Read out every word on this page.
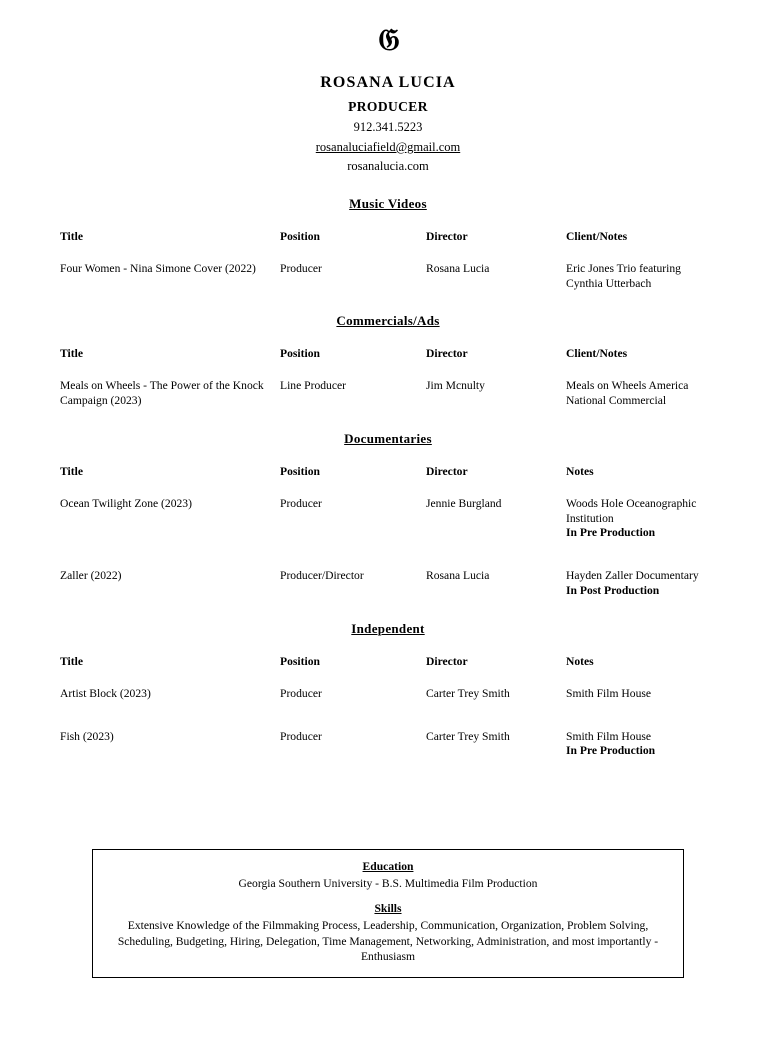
𝔊
ROSANA LUCIA
PRODUCER
912.341.5223
rosanaluciafield@gmail.com
rosanalucia.com
Music Videos
Title	Position	Director	Client/Notes

Four Women - Nina Simone Cover (2022)	Producer	Rosana Lucia	Eric Jones Trio featuring Cynthia Utterbach
Commercials/Ads
Title	Position	Director	Client/Notes

Meals on Wheels - The Power of the Knock Campaign (2023)	Line Producer	Jim Mcnulty	Meals on Wheels America National Commercial
Documentaries
Title	Position	Director	Notes

Ocean Twilight Zone (2023)	Producer	Jennie Burgland	Woods Hole Oceanographic Institution
In Pre Production

Zaller (2022)	Producer/Director	Rosana Lucia	Hayden Zaller Documentary
In Post Production
Independent
Title	Position	Director	Notes

Artist Block (2023)	Producer	Carter Trey Smith	Smith Film House

Fish (2023)	Producer	Carter Trey Smith	Smith Film House
In Pre Production
Education
Georgia Southern University - B.S. Multimedia Film Production
Skills
Extensive Knowledge of the Filmmaking Process, Leadership, Communication, Organization, Problem Solving, Scheduling, Budgeting, Hiring, Delegation, Time Management, Networking, Administration, and most importantly - Enthusiasm
